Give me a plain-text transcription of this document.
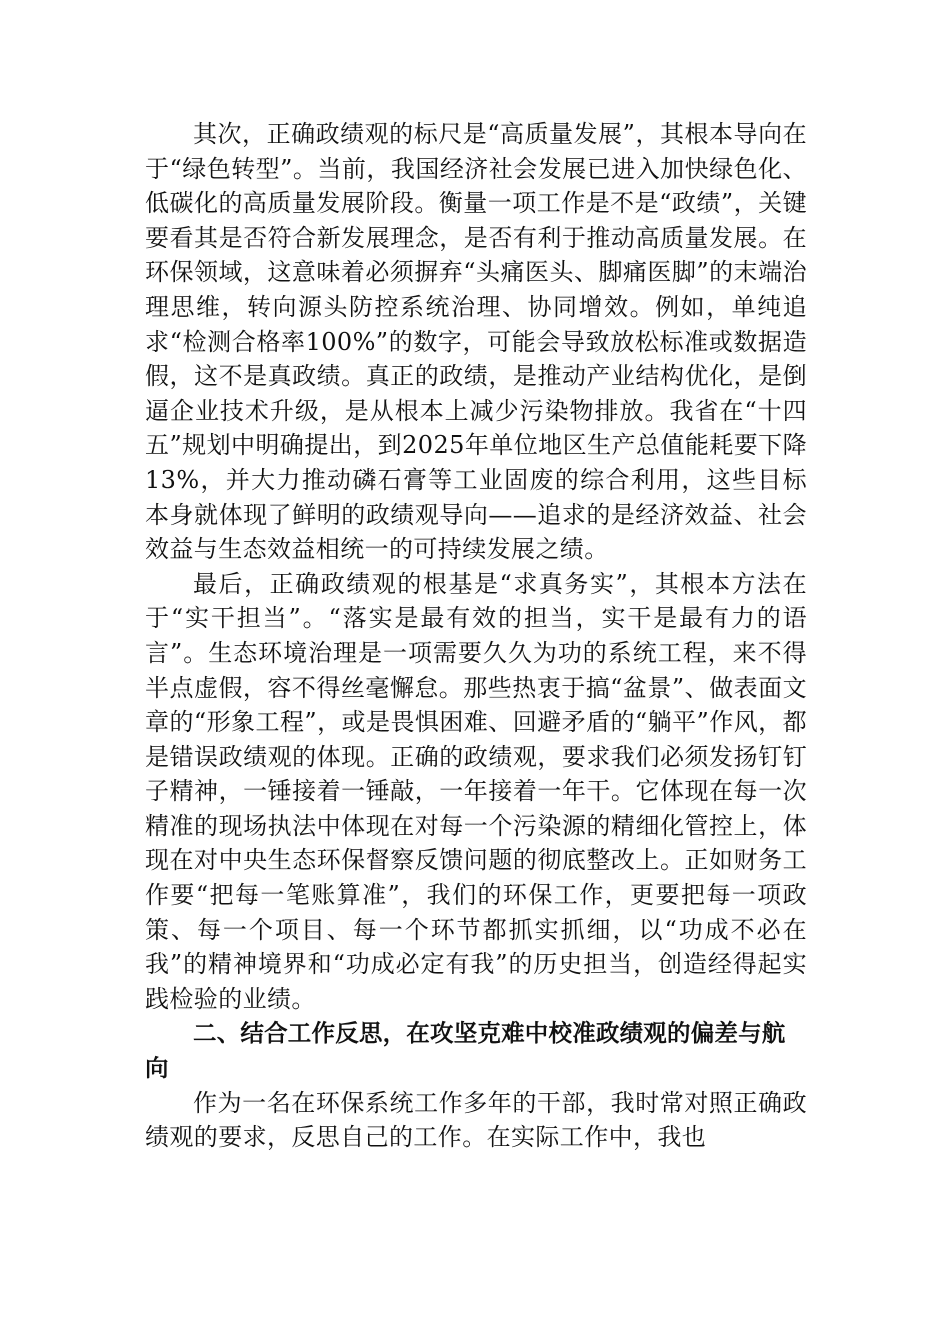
其次，正确政绩观的标尺是“高质量发展”，其根本导向在于“绿色转型”。当前，我国经济社会发展已进入加快绿色化、低碳化的高质量发展阶段。衡量一项工作是不是“政绩”，关键要看其是否符合新发展理念，是否有利于推动高质量发展。在环保领域，这意味着必须摒弃“头痛医头、脚痛医脚”的末端治理思维，转向源头防控系统治理、协同增效。例如，单纯追求“检测合格率100%”的数字，可能会导致放松标准或数据造假，这不是真政绩。真正的政绩，是推动产业结构优化，是倒逼企业技术升级，是从根本上减少污染物排放。我省在“十四五”规划中明确提出，到2025年单位地区生产总值能耗要下降13%，并大力推动磷石膏等工业固废的综合利用，这些目标本身就体现了鲜明的政绩观导向——追求的是经济效益、社会效益与生态效益相统一的可持续发展之绩。

最后，正确政绩观的根基是“求真务实”，其根本方法在于“实干担当”。“落实是最有效的担当，实干是最有力的语言”。生态环境治理是一项需要久久为功的系统工程，来不得半点虚假，容不得丝毫懈怠。那些热衷于搞“盆景”、做表面文章的“形象工程”，或是畏惧困难、回避矛盾的“躺平”作风，都是错误政绩观的体现。正确的政绩观，要求我们必须发扬钉钉子精神，一锤接着一锤敲，一年接着一年干。它体现在每一次精准的现场执法中体现在对每一个污染源的精细化管控上，体现在对中央生态环保督察反馈问题的彻底整改上。正如财务工作要“把每一笔账算准”，我们的环保工作，更要把每一项政策、每一个项目、每一个环节都抓实抓细，以“功成不必在我”的精神境界和“功成必定有我”的历史担当，创造经得起实践检验的业绩。

二、结合工作反思，在攻坚克难中校准政绩观的偏差与航向

作为一名在环保系统工作多年的干部，我时常对照正确政绩观的要求，反思自己的工作。在实际工作中，我也
